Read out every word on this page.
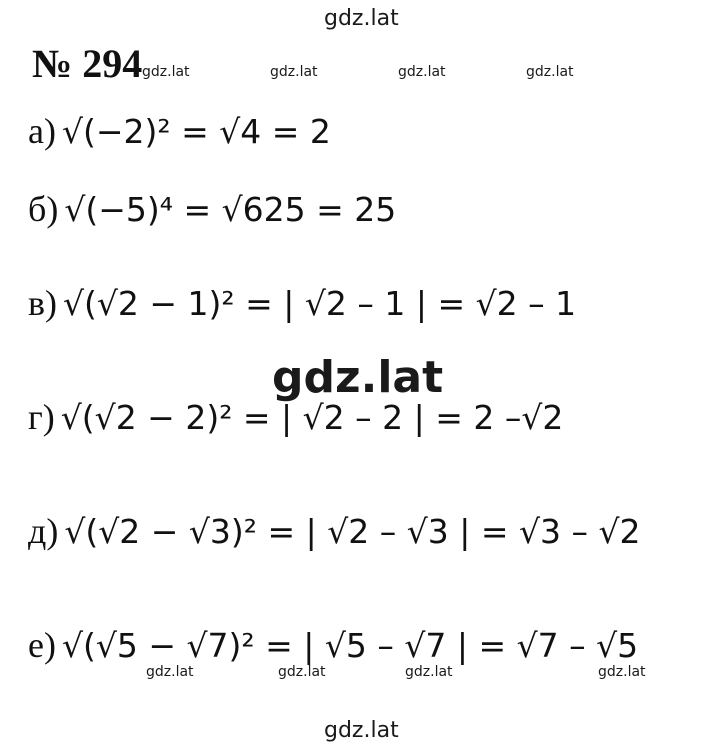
gdz.lat
№ 294 gdz.lat	gdz.lat	gdz.lat	gdz.lat
а) √(−2)² = √4 = 2
б) √(−5)⁴ = √625 = 25
в) √(√2 − 1)² = | √2 – 1 | = √2 – 1
gdz.lat
г) √(√2 − 2)² = | √2 – 2 | = 2 –√2
д) √(√2 − √3)² = | √2 – √3 | = √3 – √2
е) √(√5 − √7)² = | √5 – √7 | = √7 – √5
gdz.lat	gdz.lat	gdz.lat	gdz.lat
gdz.lat
